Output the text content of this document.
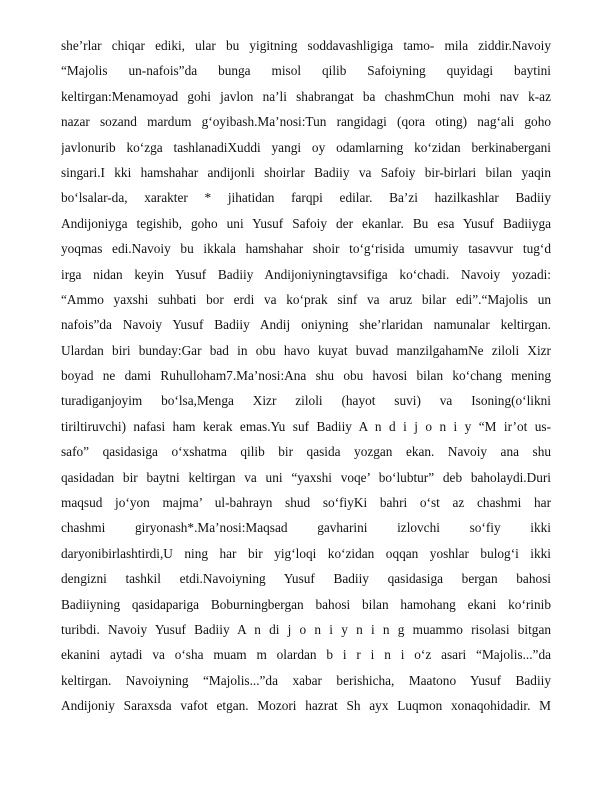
she’rlar chiqar ediki, ular bu yigitning soddavashligiga tamo- mila ziddir.Navoiy
“Majolis un-nafois”da bunga misol qilib Safoiyning quyidagi baytini
keltirgan:Menamoyad gohi javlon na’li shabrangat ba chashmChun mohi nav k-az
nazar sozand mardum g‘oyibash.Ma’nosi:Tun rangidagi (qora oting) nag‘ali goho
javlonurib ko‘zga tashlanadiXuddi yangi oy odamlarning ko‘zidan berkinabergani
singari.I kki hamshahar andijonli shoirlar Badiiy va Safoiy bir-birlari bilan yaqin
bo‘lsalar-da, xarakter * jihatidan farqpi edilar. Ba’zi hazilkashlar Badiiy
Andijoniyga tegishib, goho uni Yusuf Safoiy der ekanlar. Bu esa Yusuf Badiiyga
yoqmas edi.Navoiy bu ikkala hamshahar shoir to‘g‘risida umumiy tasavvur tug‘d
irga nidan keyin Yusuf Badiiy Andijoniyningtavsifiga ko‘chadi. Navoiy yozadi:
“Ammo yaxshi suhbati bor erdi va ko‘prak sinf va aruz bilar edi”.“Majolis un
nafois”da Navoiy Yusuf Badiiy Andij oniyning she’rlaridan namunalar keltirgan.
Ulardan biri bunday:Gar bad in obu havo kuyat buvad manzilgahamNe ziloli Xizr
boyad ne dami Ruhulloham7.Ma’nosi:Ana shu obu havosi bilan ko‘chang mening
turadiganjoyim bo‘lsa,Menga Xizr ziloli (hayot suvi) va Isoning(o‘likni
tiriltiruvchi) nafasi ham kerak emas.Yu suf Badiiy A n d i j o n i y “M ir’ot us-
safo” qasidasiga o‘xshatma qilib bir qasida yozgan ekan. Navoiy ana shu
qasidadan bir baytni keltirgan va uni “yaxshi voqe’ bo‘lubtur” deb baholaydi.Duri
maqsud jo‘yon majma’ ul-bahrayn shud so‘fiyKi bahri o‘st az chashmi har
chashmi giryonash*.Ma’nosi:Maqsad gavharini izlovchi so‘fiy ikki
daryonibirlashtirdi,U ning har bir yig‘loqi ko‘zidan oqqan yoshlar bulog‘i ikki
dengizni tashkil etdi.Navoiyning Yusuf Badiiy qasidasiga bergan bahosi
Badiiyning qasidapariga Boburningbergan bahosi bilan hamohang ekani ko‘rinib
turibdi. Navoiy Yusuf Badiiy A n di j o n i y n i n g muammo risolasi bitgan
ekanini aytadi va o‘sha muam m olardan b i r i n i o‘z asari “Majolis...”da
keltirgan. Navoiyning “Majolis...”da xabar berishicha, Maatono Yusuf Badiiy
Andijoniy Saraxsda vafot etgan. Mozori hazrat Sh ayx Luqmon xonaqohidadir. M
